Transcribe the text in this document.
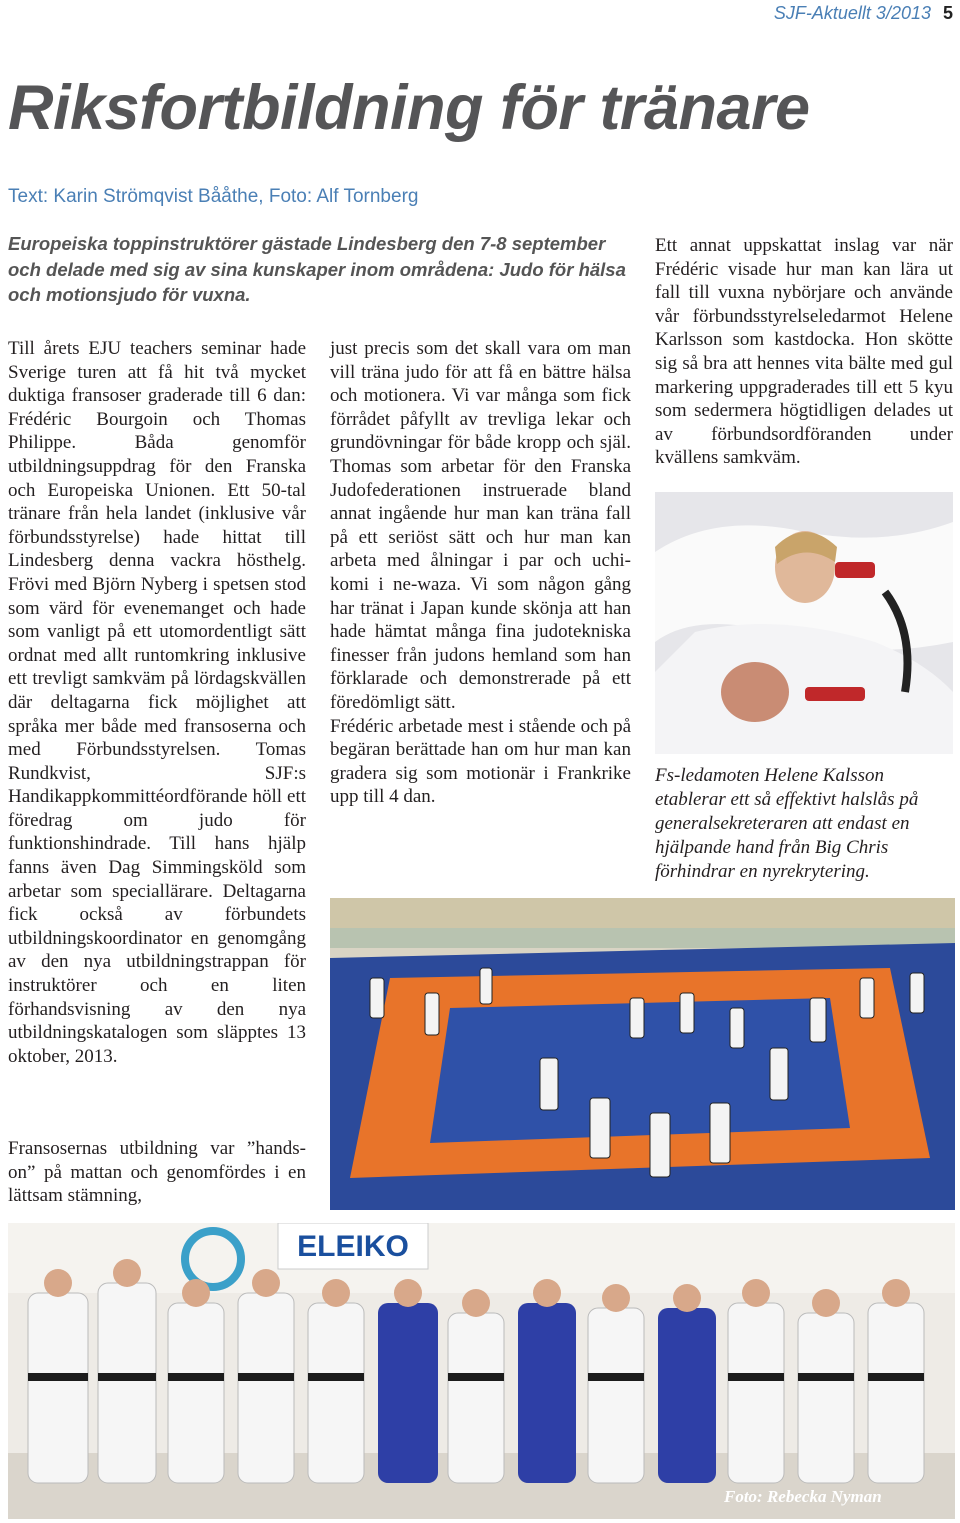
SJF-Aktuellt 3/2013 5
Riksfortbildning för tränare
Text: Karin Strömqvist Bååthe, Foto: Alf Tornberg
Europeiska toppinstruktörer gästade Lindesberg den 7-8 september och delade med sig av sina kunskaper inom områdena: Judo för hälsa och motionsjudo för vuxna.
Till årets EJU teachers seminar hade Sverige turen att få hit två mycket duktiga fransoser graderade till 6 dan: Frédéric Bourgoin och Thomas Philippe. Båda genomför utbildningsuppdrag för den Franska och Europeiska Unionen. Ett 50-tal tränare från hela landet (inklusive vår förbundsstyrelse) hade hittat till Lindesberg denna vackra hösthelg. Frövi med Björn Nyberg i spetsen stod som värd för evenemanget och hade som vanligt på ett utomordentligt sätt ordnat med allt runtomkring inklusive ett trevligt samkväm på lördagskvällen där deltagarna fick möjlighet att språka mer både med fransoserna och med Förbundsstyrelsen. Tomas Rundkvist, SJF:s Handikappkommittéordförande höll ett föredrag om judo för funktionshindrade. Till hans hjälp fanns även Dag Simmingsköld som arbetar som speciallärare. Deltagarna fick också av förbundets utbildningskoordinator en genomgång av den nya utbildningstrappan för instruktörer och en liten förhandsvisning av den nya utbildningskatalogen som släpptes 13 oktober, 2013.
Fransosernas utbildning var ”hands-on” på mattan och genomfördes i en lättsam stämning,
just precis som det skall vara om man vill träna judo för att få en bättre hälsa och motionera. Vi var många som fick förrådet påfyllt av trevliga lekar och grundövningar för både kropp och själ. Thomas som arbetar för den Franska Judofederationen instruerade bland annat ingående hur man kan träna fall på ett seriöst sätt och hur man kan arbeta med ålningar i par och uchi-komi i ne-waza. Vi som någon gång har tränat i Japan kunde skönja att han hade hämtat många fina judotekniska finesser från judons hemland som han förklarade och demonstrerade på ett föredömligt sätt.
Frédéric arbetade mest i stående och på begäran berättade han om hur man kan gradera sig som motionär i Frankrike upp till 4 dan.
Ett annat uppskattat inslag var när Frédéric visade hur man kan lära ut fall till vuxna nybörjare och använde vår förbundsstyrelseledarmot Helene Karlsson som kastdocka. Hon skötte sig så bra att hennes vita bälte med gul markering uppgraderades till ett 5 kyu som sedermera högtidligen delades ut av förbundsordföranden under kvällens samkväm.
Fs-ledamoten Helene Kalsson etablerar ett så effektivt halslås på generalsekreteraren att endast en hjälpande hand från Big Chris förhindrar en nyrekrytering.
ELEIKO
Foto: Rebecka Nyman
